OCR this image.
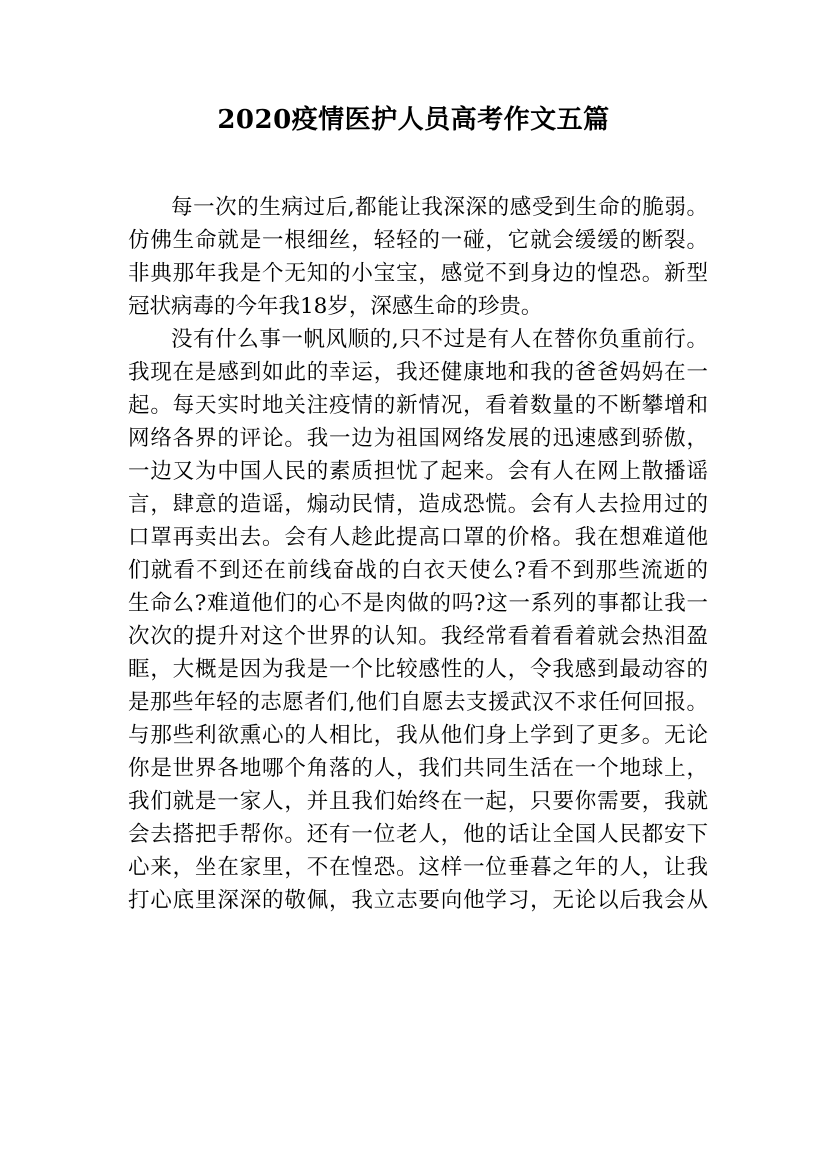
2020疫情医护人员高考作文五篇
每一次的生病过后,都能让我深深的感受到生命的脆弱。
仿佛生命就是一根细丝，轻轻的一碰，它就会缓缓的断裂。
非典那年我是个无知的小宝宝，感觉不到身边的惶恐。新型
冠状病毒的今年我18岁，深感生命的珍贵。
没有什么事一帆风顺的,只不过是有人在替你负重前行。
我现在是感到如此的幸运，我还健康地和我的爸爸妈妈在一
起。每天实时地关注疫情的新情况，看着数量的不断攀增和
网络各界的评论。我一边为祖国网络发展的迅速感到骄傲，
一边又为中国人民的素质担忧了起来。会有人在网上散播谣
言，肆意的造谣，煽动民情，造成恐慌。会有人去捡用过的
口罩再卖出去。会有人趁此提高口罩的价格。我在想难道他
们就看不到还在前线奋战的白衣天使么?看不到那些流逝的
生命么?难道他们的心不是肉做的吗?这一系列的事都让我一
次次的提升对这个世界的认知。我经常看着看着就会热泪盈
眶，大概是因为我是一个比较感性的人，令我感到最动容的
是那些年轻的志愿者们,他们自愿去支援武汉不求任何回报。
与那些利欲熏心的人相比，我从他们身上学到了更多。无论
你是世界各地哪个角落的人，我们共同生活在一个地球上，
我们就是一家人，并且我们始终在一起，只要你需要，我就
会去搭把手帮你。还有一位老人，他的话让全国人民都安下
心来，坐在家里，不在惶恐。这样一位垂暮之年的人，让我
打心底里深深的敬佩，我立志要向他学习，无论以后我会从
